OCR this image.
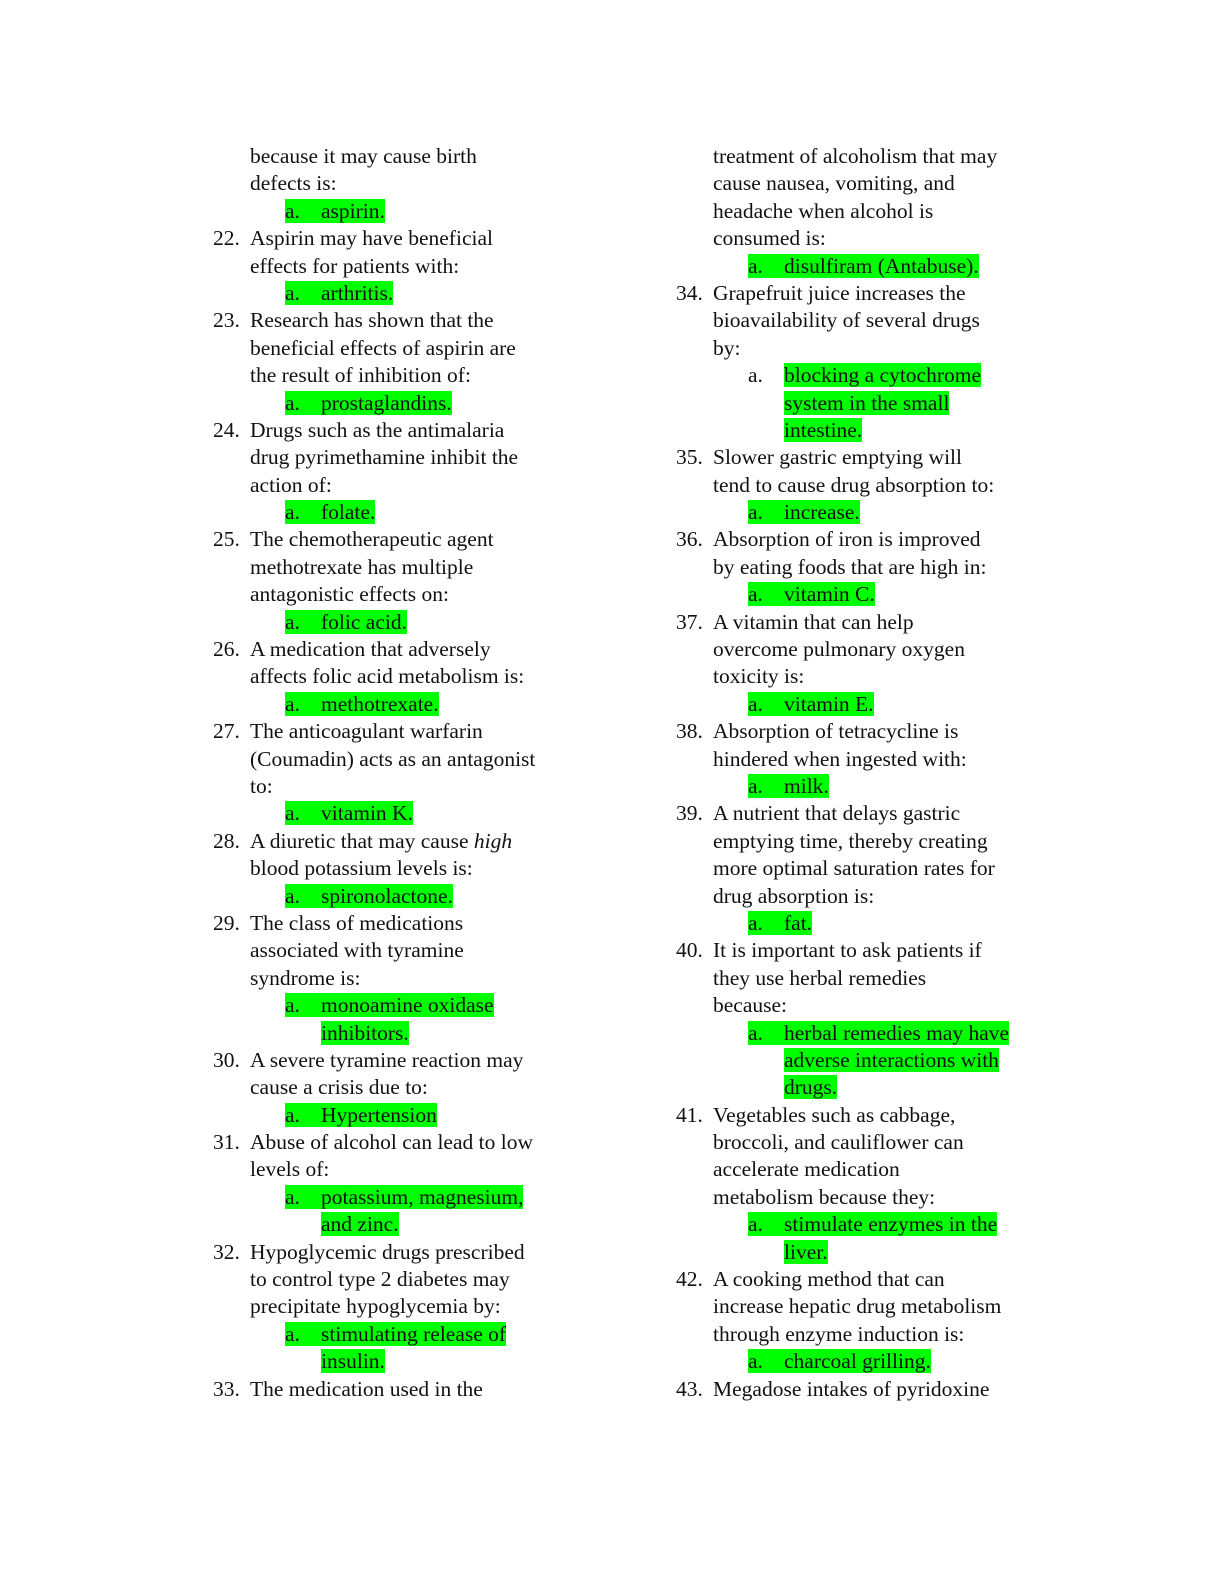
because it may cause birth
defects is:
a. aspirin.
22. Aspirin may have beneficial
effects for patients with:
a. arthritis.
23. Research has shown that the
beneficial effects of aspirin are
the result of inhibition of:
a. prostaglandins.
24. Drugs such as the antimalaria
drug pyrimethamine inhibit the
action of:
a. folate.
25. The chemotherapeutic agent
methotrexate has multiple
antagonistic effects on:
a. folic acid.
26. A medication that adversely
affects folic acid metabolism is:
a. methotrexate.
27. The anticoagulant warfarin
(Coumadin) acts as an antagonist
to:
a. vitamin K.
28. A diuretic that may cause high
blood potassium levels is:
a. spironolactone.
29. The class of medications
associated with tyramine
syndrome is:
a. monoamine oxidase
inhibitors.
30. A severe tyramine reaction may
cause a crisis due to:
a. Hypertension
31. Abuse of alcohol can lead to low
levels of:
a. potassium, magnesium,
and zinc.
32. Hypoglycemic drugs prescribed
to control type 2 diabetes may
precipitate hypoglycemia by:
a. stimulating release of
insulin.
33. The medication used in the
treatment of alcoholism that may
cause nausea, vomiting, and
headache when alcohol is
consumed is:
a. disulfiram (Antabuse).
34. Grapefruit juice increases the
bioavailability of several drugs
by:
a. blocking a cytochrome
system in the small
intestine.
35. Slower gastric emptying will
tend to cause drug absorption to:
a. increase.
36. Absorption of iron is improved
by eating foods that are high in:
a. vitamin C.
37. A vitamin that can help
overcome pulmonary oxygen
toxicity is:
a. vitamin E.
38. Absorption of tetracycline is
hindered when ingested with:
a. milk.
39. A nutrient that delays gastric
emptying time, thereby creating
more optimal saturation rates for
drug absorption is:
a. fat.
40. It is important to ask patients if
they use herbal remedies
because:
a. herbal remedies may have
adverse interactions with
drugs.
41. Vegetables such as cabbage,
broccoli, and cauliflower can
accelerate medication
metabolism because they:
a. stimulate enzymes in the
liver.
42. A cooking method that can
increase hepatic drug metabolism
through enzyme induction is:
a. charcoal grilling.
43. Megadose intakes of pyridoxine
